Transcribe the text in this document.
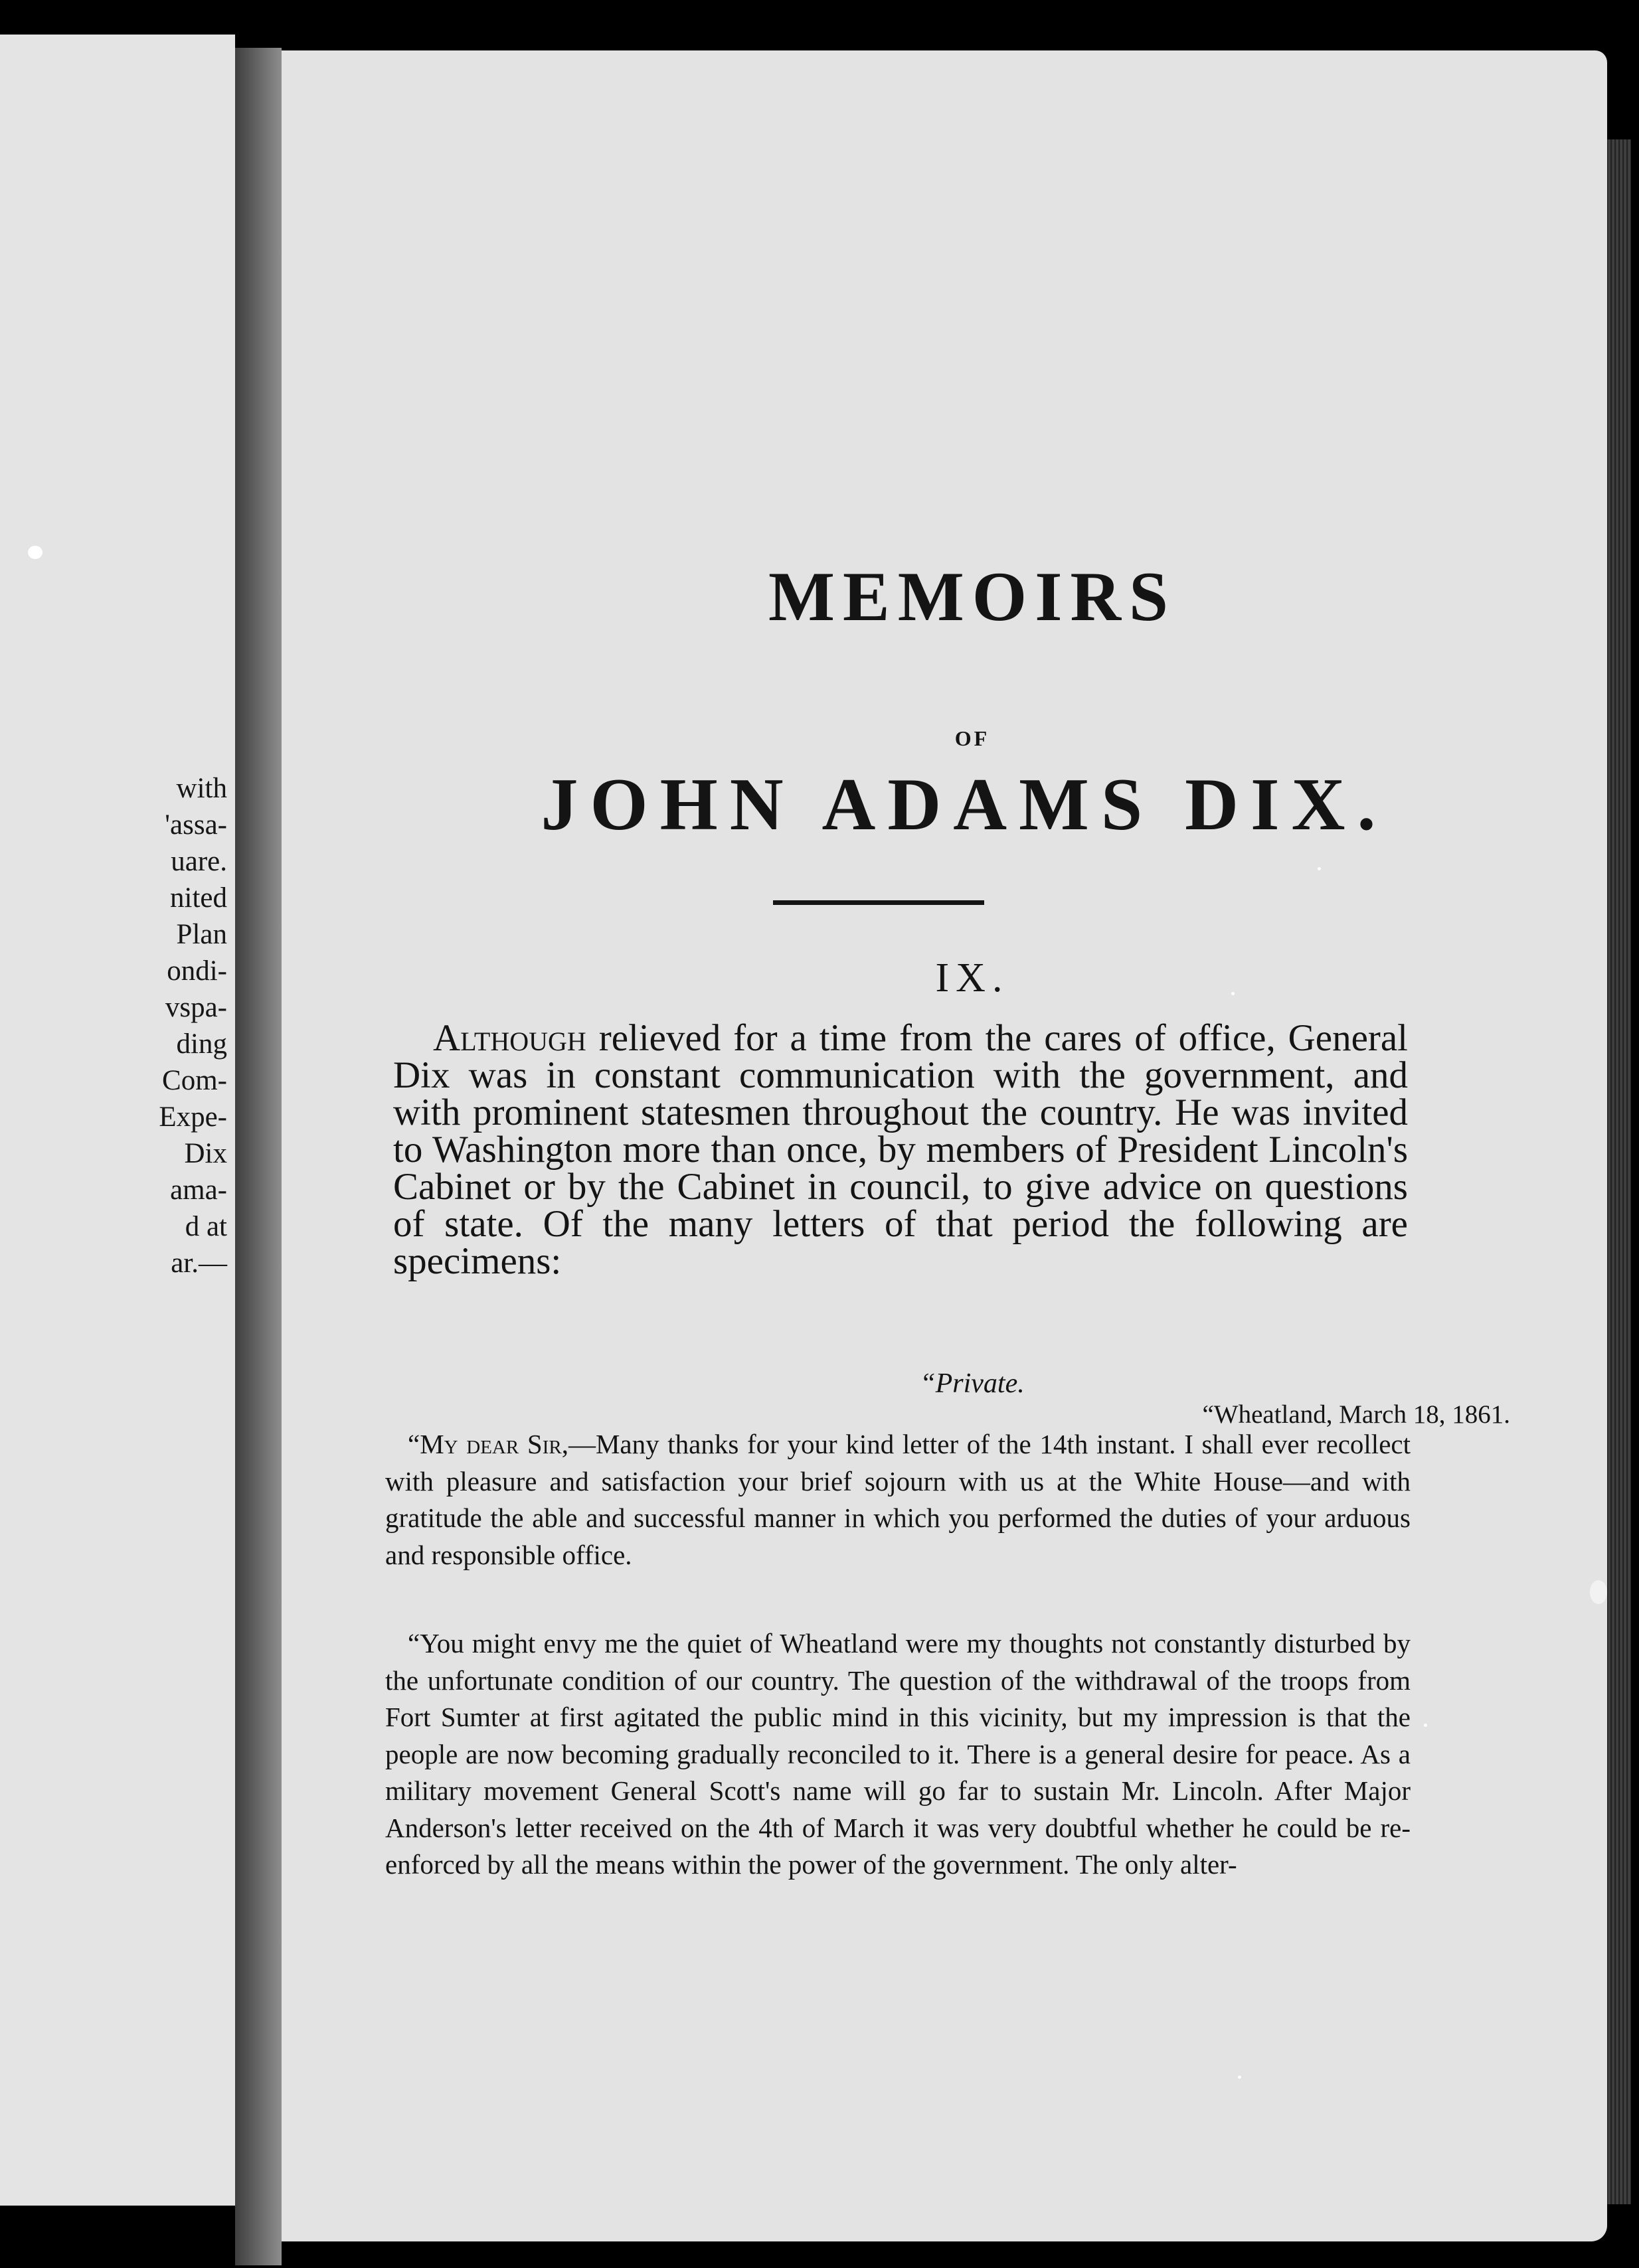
with
'assa-
uare.
nited
Plan
ondi-
vspa-
ding
Com-
Expe-
Dix
ama-
d at
ar.—
MEMOIRS
OF
JOHN ADAMS DIX.
IX.

Although relieved for a time from the cares of office, General Dix was in constant communication with the government, and with prominent statesmen throughout the country. He was invited to Washington more than once, by members of President Lincoln's Cabinet or by the Cabinet in council, to give advice on questions of state. Of the many letters of that period the following are specimens:

“Private.
“Wheatland, March 18, 1861.

“My dear Sir,—Many thanks for your kind letter of the 14th instant. I shall ever recollect with pleasure and satisfaction your brief sojourn with us at the White House—and with gratitude the able and successful manner in which you performed the duties of your arduous and responsible office.

“You might envy me the quiet of Wheatland were my thoughts not constantly disturbed by the unfortunate condition of our country. The question of the withdrawal of the troops from Fort Sumter at first agitated the public mind in this vicinity, but my impression is that the people are now becoming gradually reconciled to it. There is a general desire for peace. As a military movement General Scott's name will go far to sustain Mr. Lincoln. After Major Anderson's letter received on the 4th of March it was very doubtful whether he could be re-enforced by all the means within the power of the government. The only alter-
